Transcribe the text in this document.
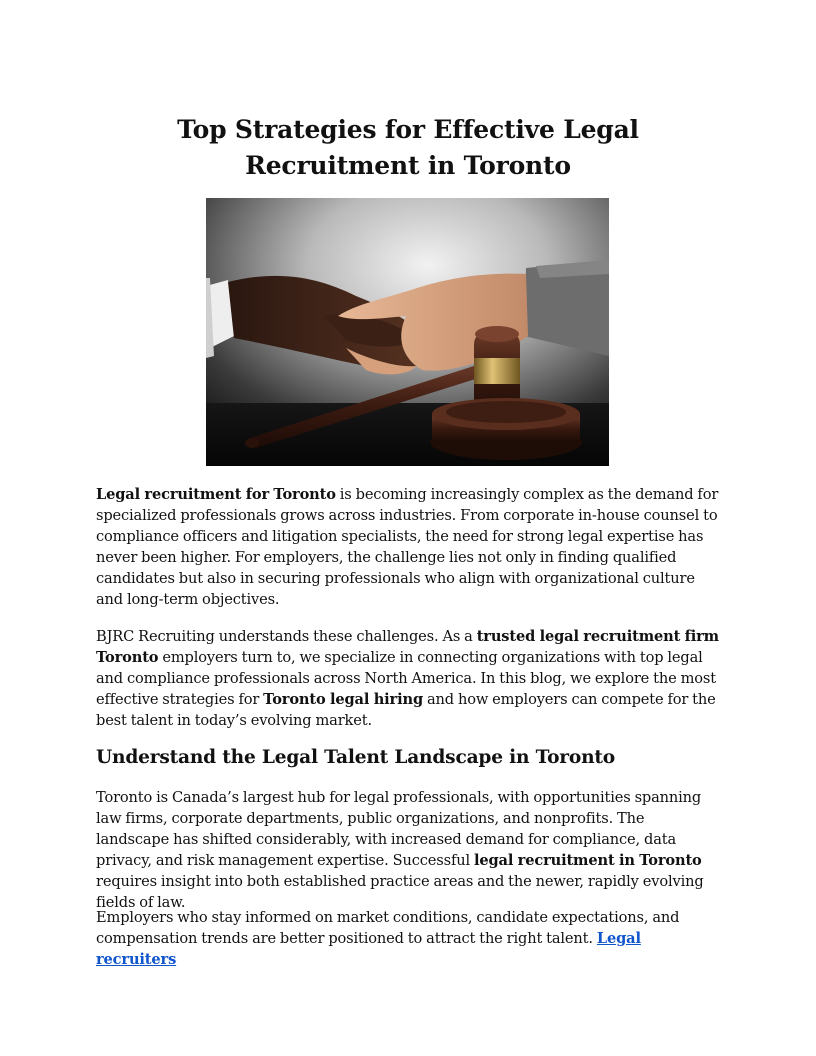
Top Strategies for Effective Legal
Recruitment in Toronto

Legal recruitment for Toronto is becoming increasingly complex as the demand for specialized professionals grows across industries. From corporate in-house counsel to compliance officers and litigation specialists, the need for strong legal expertise has never been higher. For employers, the challenge lies not only in finding qualified candidates but also in securing professionals who align with organizational culture and long-term objectives.

BJRC Recruiting understands these challenges. As a trusted legal recruitment firm Toronto employers turn to, we specialize in connecting organizations with top legal and compliance professionals across North America. In this blog, we explore the most effective strategies for Toronto legal hiring and how employers can compete for the best talent in today’s evolving market.

Understand the Legal Talent Landscape in Toronto

Toronto is Canada’s largest hub for legal professionals, with opportunities spanning law firms, corporate departments, public organizations, and nonprofits. The landscape has shifted considerably, with increased demand for compliance, data privacy, and risk management expertise. Successful legal recruitment in Toronto requires insight into both established practice areas and the newer, rapidly evolving fields of law.

Employers who stay informed on market conditions, candidate expectations, and compensation trends are better positioned to attract the right talent. Legal recruiters
